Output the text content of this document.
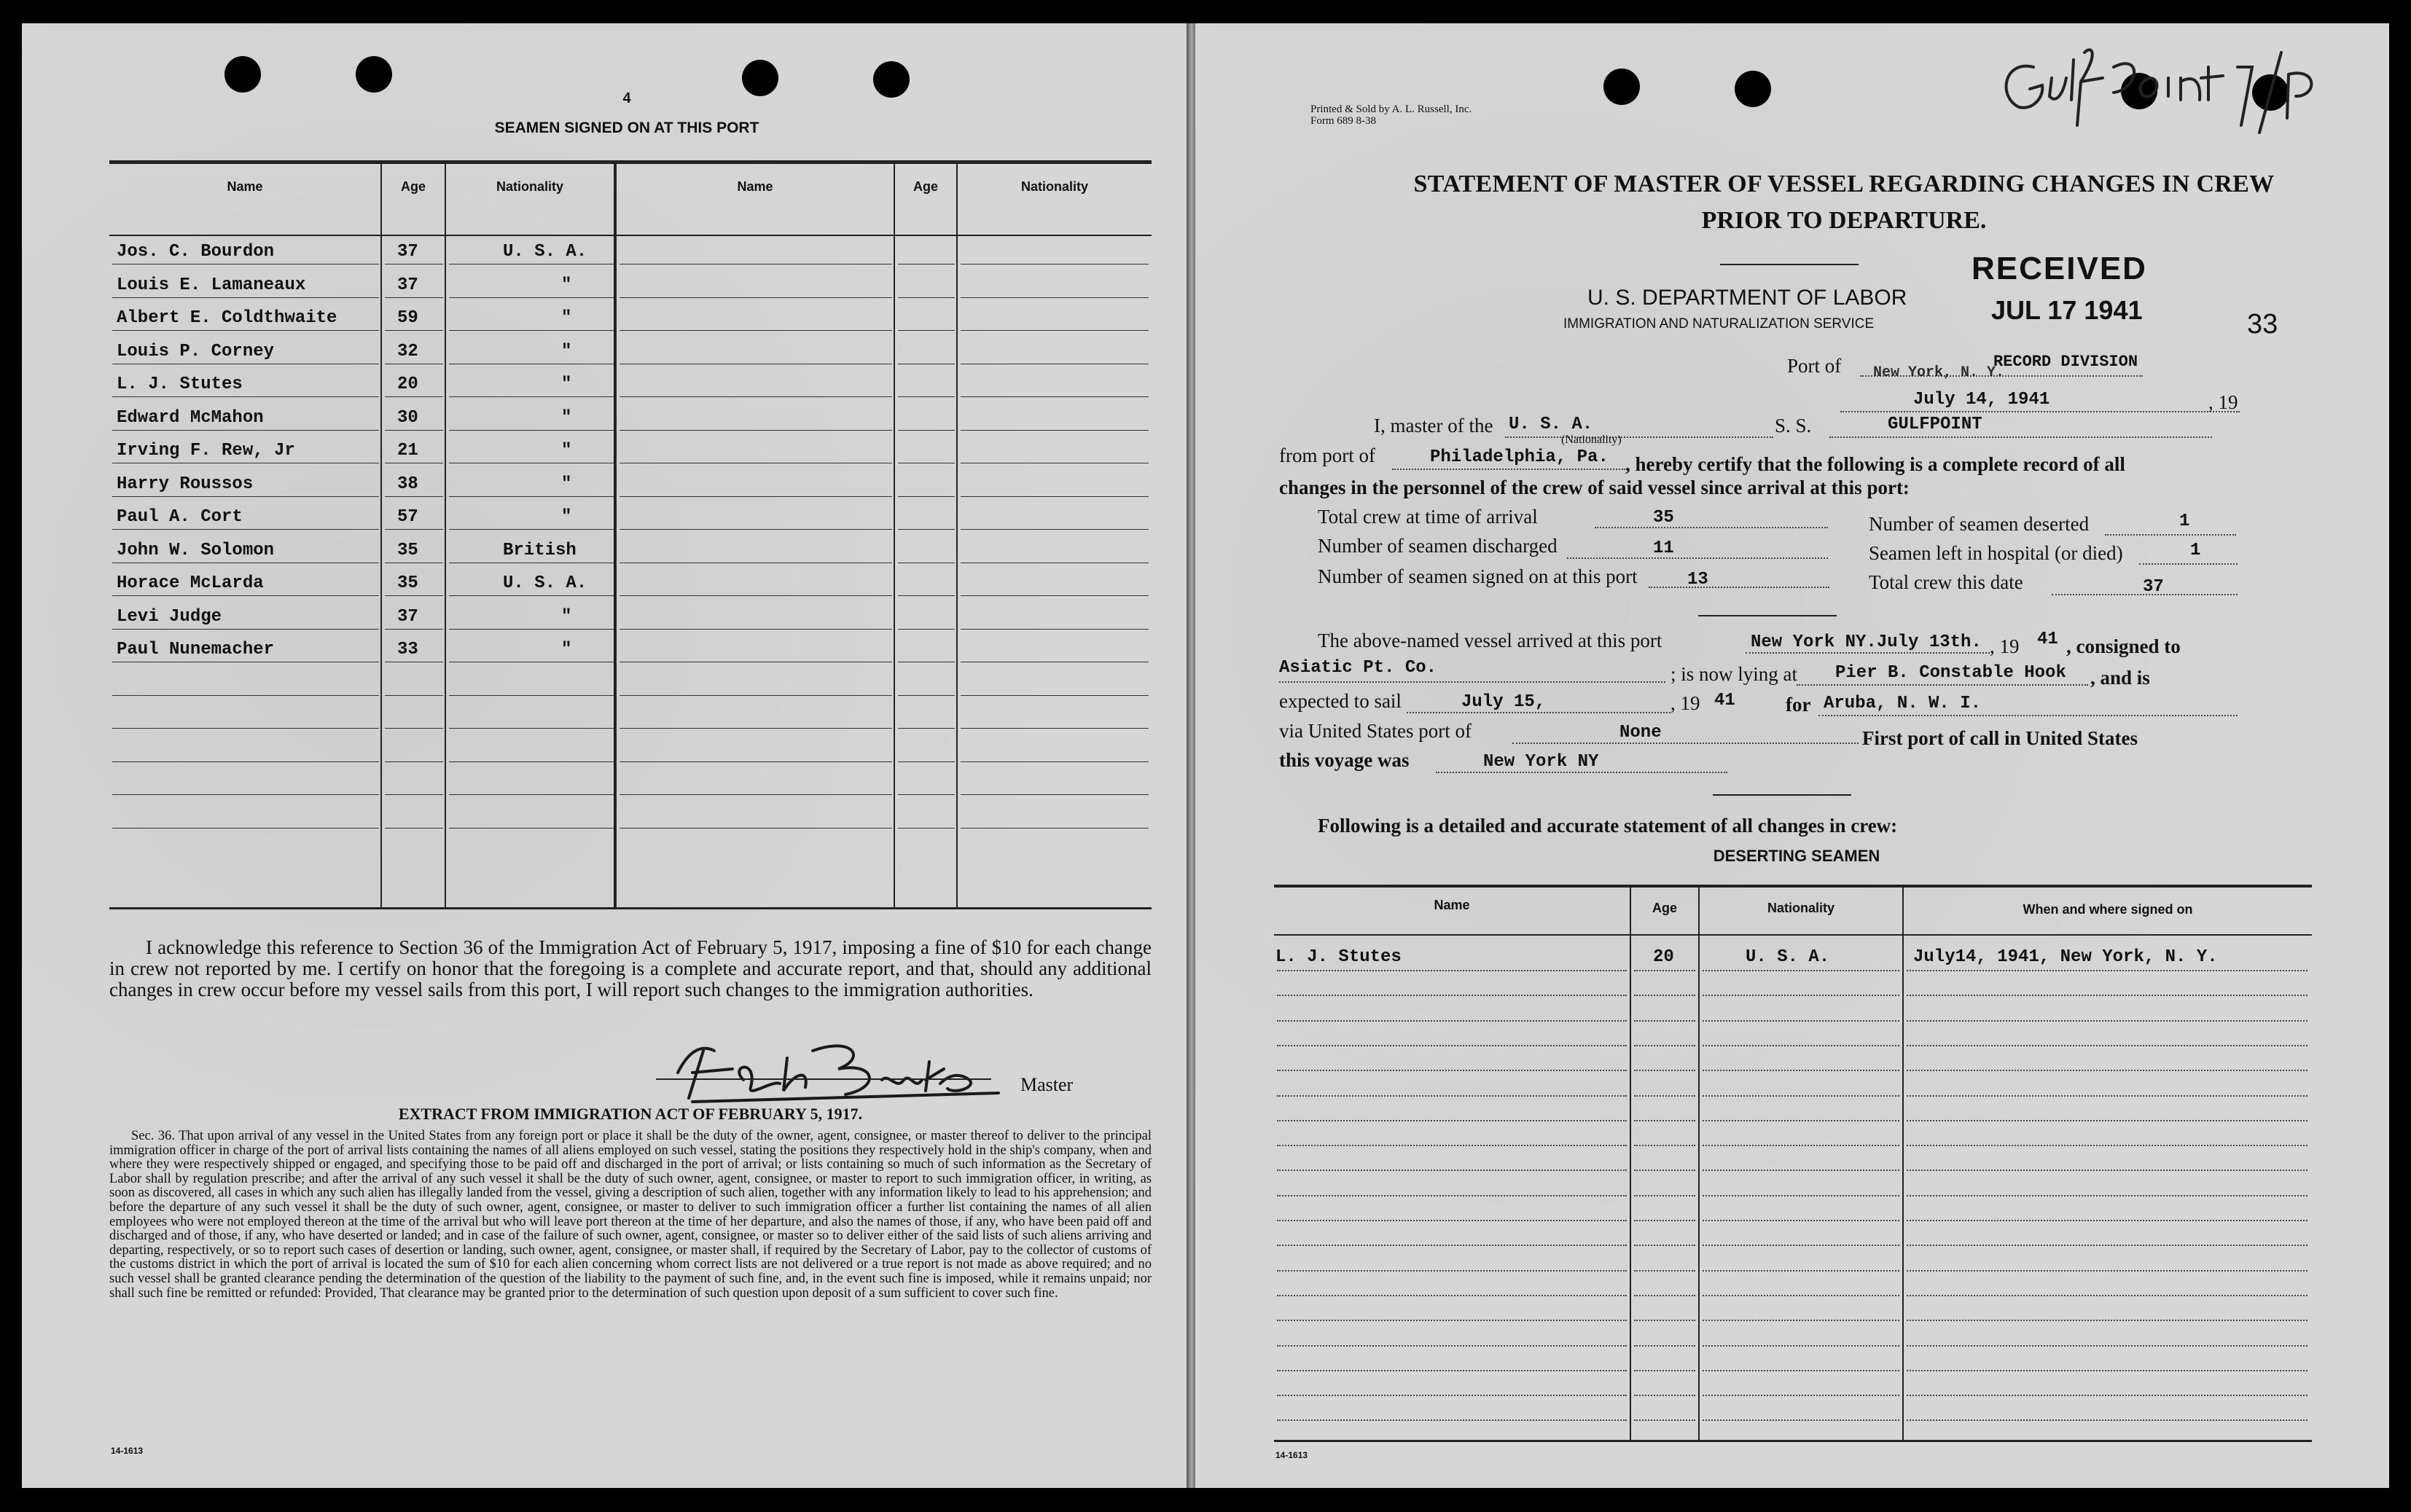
4
SEAMEN SIGNED ON AT THIS PORT
Name	Age	Nationality	Name	Age	Nationality
Jos. C. Bourdon	37	U. S. A.
Louis E. Lamaneaux	37	"
Albert E. Coldthwaite	59	"
Louis P. Corney	32	"
L. J. Stutes	20	"
Edward McMahon	30	"
Irving F. Rew, Jr	21	"
Harry Roussos	38	"
Paul A. Cort	57	"
John W. Solomon	35	British
Horace McLarda	35	U. S. A.
Levi Judge	37	"
Paul Nunemacher	33	"
I acknowledge this reference to Section 36 of the Immigration Act of February 5, 1917, imposing a fine of $10 for each change in crew not reported by me. I certify on honor that the foregoing is a complete and accurate report, and that, should any additional changes in crew occur before my vessel sails from this port, I will report such changes to the immigration authorities.
Master
EXTRACT FROM IMMIGRATION ACT OF FEBRUARY 5, 1917.
Sec. 36. That upon arrival of any vessel in the United States from any foreign port or place it shall be the duty of the owner, agent, consignee, or master thereof to deliver to the principal immigration officer in charge of the port of arrival lists containing the names of all aliens employed on such vessel, stating the positions they respectively hold in the ship's company, when and where they were respectively shipped or engaged, and specifying those to be paid off and discharged in the port of arrival; or lists containing so much of such information as the Secretary of Labor shall by regulation prescribe; and after the arrival of any such vessel it shall be the duty of such owner, agent, consignee, or master to report to such immigration officer, in writing, as soon as discovered, all cases in which any such alien has illegally landed from the vessel, giving a description of such alien, together with any information likely to lead to his apprehension; and before the departure of any such vessel it shall be the duty of such owner, agent, consignee, or master to deliver to such immigration officer a further list containing the names of all alien employees who were not employed thereon at the time of the arrival but who will leave port thereon at the time of her departure, and also the names of those, if any, who have been paid off and discharged and of those, if any, who have deserted or landed; and in case of the failure of such owner, agent, consignee, or master so to deliver either of the said lists of such aliens arriving and departing, respectively, or so to report such cases of desertion or landing, such owner, agent, consignee, or master shall, if required by the Secretary of Labor, pay to the collector of customs of the customs district in which the port of arrival is located the sum of $10 for each alien concerning whom correct lists are not delivered or a true report is not made as above required; and no such vessel shall be granted clearance pending the determination of the question of the liability to the payment of such fine, and, in the event such fine is imposed, while it remains unpaid; nor shall such fine be remitted or refunded: Provided, That clearance may be granted prior to the determination of such question upon deposit of a sum sufficient to cover such fine.
14-1613
Printed & Sold by A. L. Russell, Inc.
Form 689 8-38
STATEMENT OF MASTER OF VESSEL REGARDING CHANGES IN CREW
PRIOR TO DEPARTURE.
RECEIVED
JUL 17 1941
RECORD DIVISION
33
U. S. DEPARTMENT OF LABOR
IMMIGRATION AND NATURALIZATION SERVICE
Port of New York, N. Y.
July 14, 1941	, 19
I, master of the U. S. A.
(Nationality)
S. S.	GULFPOINT
from port of	Philadelphia, Pa. , hereby certify that the following is a complete record of all
changes in the personnel of the crew of said vessel since arrival at this port:
Total crew at time of arrival	35	Number of seamen deserted	1
Number of seamen discharged	11	Seamen left in hospital (or died)	1
Number of seamen signed on at this port	13	Total crew this date	37
The above-named vessel arrived at this port	New York NY.July 13th. , 19 41 , consigned to
Asiatic Pt. Co.	; is now lying at Pier B. Constable Hook , and is
expected to sail	July 15,	, 19 41	for Aruba, N. W. I.
via United States port of	None	First port of call in United States
this voyage was	New York NY
Following is a detailed and accurate statement of all changes in crew:
DESERTING SEAMEN
Name	Age	Nationality	When and where signed on
L. J. Stutes	20	U. S. A.	July14, 1941, New York, N. Y.
14-1613
